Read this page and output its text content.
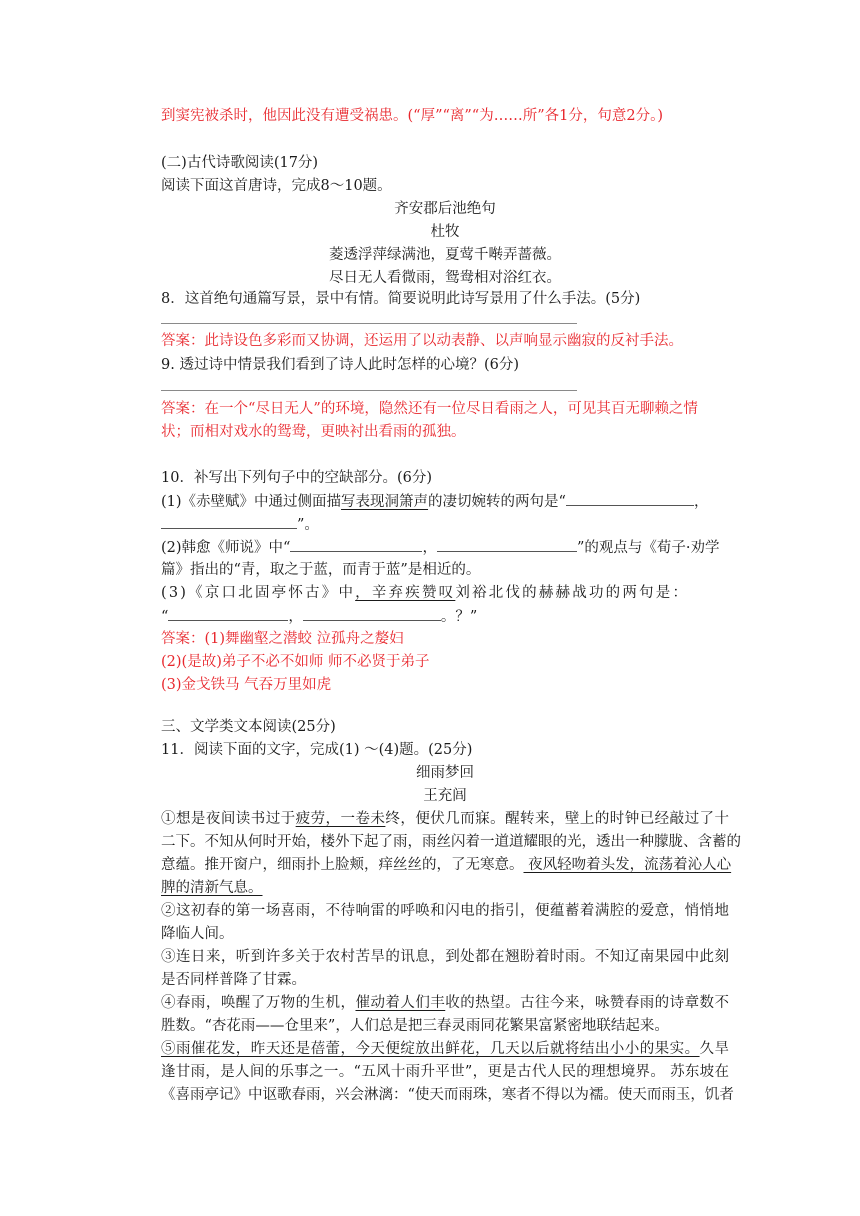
到窦宪被杀时，他因此没有遭受祸患。(“厚”“离”“为……所”各1分，句意2分。)
(二)古代诗歌阅读(17分)
阅读下面这首唐诗，完成8～10题。
齐安郡后池绝句
杜牧
菱透浮萍绿满池，夏莺千啭弄蔷薇。
尽日无人看微雨，鸳鸯相对浴红衣。
8．这首绝句通篇写景，景中有情。简要说明此诗写景用了什么手法。(5分)
答案：此诗设色多彩而又协调，还运用了以动表静、以声响显示幽寂的反衬手法。
9. 透过诗中情景我们看到了诗人此时怎样的心境？(6分)
答案：在一个“尽日无人”的环境，隐然还有一位尽日看雨之人，可见其百无聊赖之情
状；而相对戏水的鸳鸯，更映衬出看雨的孤独。
10．补写出下列句子中的空缺部分。(6分)
(1)《赤壁赋》中通过侧面描写表现洞箫声的凄切婉转的两句是“	，
”。
(2)韩愈《师说》中“	，	”的观点与《荀子·劝学
篇》指出的“青，取之于蓝，而青于蓝”是相近的。
(3)《京口北固亭怀古》中，辛弃疾赞叹刘裕北伐的赫赫战功的两句是：
“	，	。？”
答案：(1)舞幽壑之潜蛟 泣孤舟之嫠妇
(2)(是故)弟子不必不如师 师不必贤于弟子
(3)金戈铁马 气吞万里如虎
三、文学类文本阅读(25分)
11．阅读下面的文字，完成(1) ～(4)题。(25分)
细雨梦回
王充闾
①想是夜间读书过于疲劳，一卷未终，便伏几而寐。醒转来，壁上的时钟已经敲过了十
二下。不知从何时开始，楼外下起了雨，雨丝闪着一道道耀眼的光，透出一种朦胧、含蓄的
意蕴。推开窗户，细雨扑上脸颊，痒丝丝的，了无寒意。 夜风轻吻着头发，流荡着沁人心
脾的清新气息。
②这初春的第一场喜雨，不待响雷的呼唤和闪电的指引，便蕴蓄着满腔的爱意，悄悄地
降临人间。
③连日来，听到许多关于农村苦旱的讯息，到处都在翘盼着时雨。不知辽南果园中此刻
是否同样普降了甘霖。
④春雨，唤醒了万物的生机，催动着人们丰收的热望。古往今来，咏赞春雨的诗章数不
胜数。“杏花雨——仓里来”，人们总是把三春灵雨同花繁果富紧密地联结起来。
⑤雨催花发，昨天还是蓓蕾，今天便绽放出鲜花，几天以后就将结出小小的果实。久旱
逢甘雨，是人间的乐事之一。“五风十雨升平世”，更是古代人民的理想境界。 苏东坡在
《喜雨亭记》中讴歌春雨，兴会淋漓：“使天而雨珠，寒者不得以为襦。使天而雨玉，饥者
